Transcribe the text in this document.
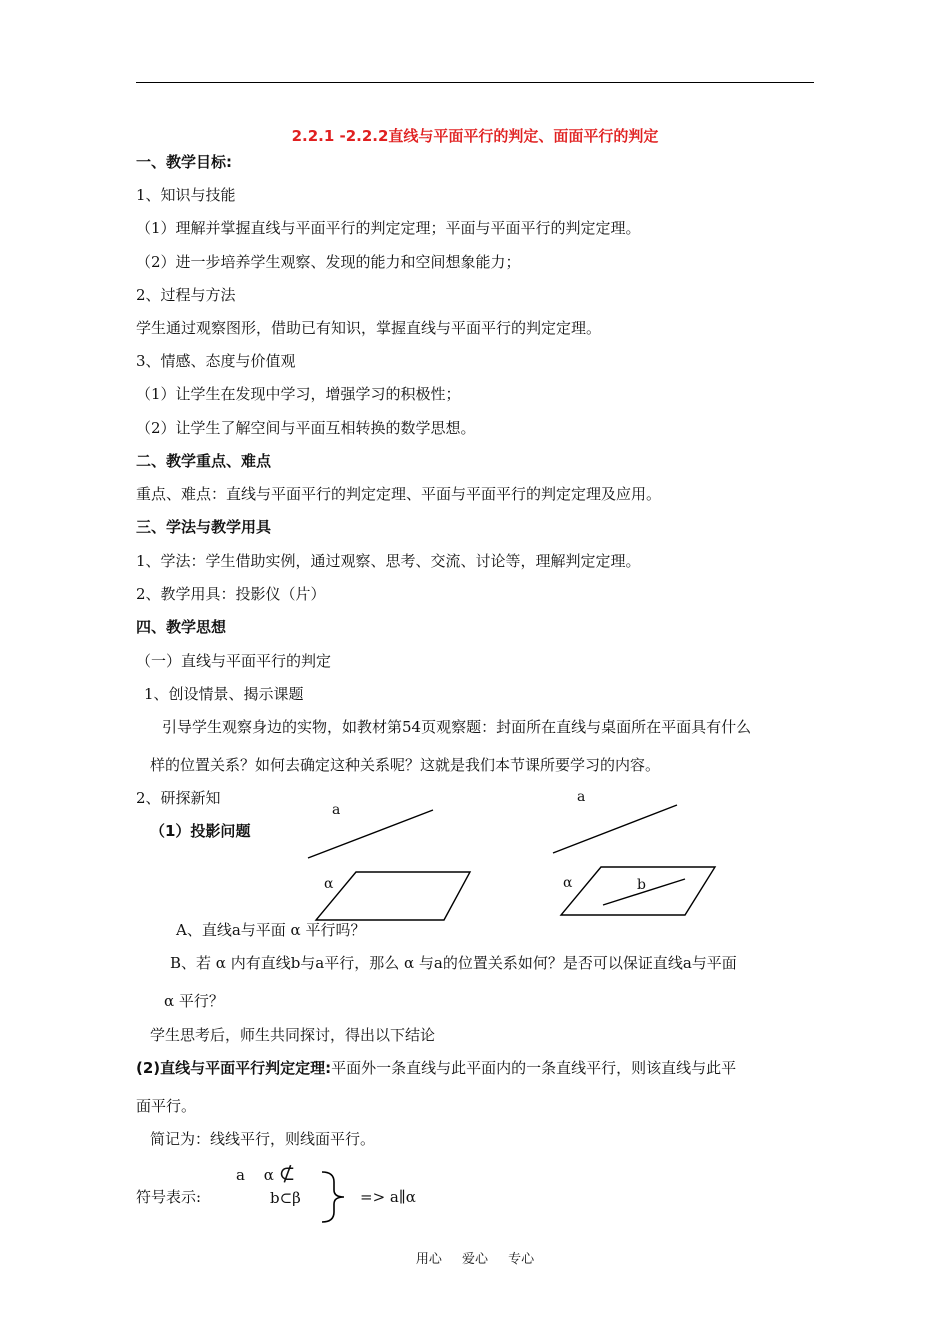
2.2.1 -2.2.2直线与平面平行的判定、面面平行的判定
一、教学目标:
1、知识与技能
（1）理解并掌握直线与平面平行的判定定理；平面与平面平行的判定定理。
（2）进一步培养学生观察、发现的能力和空间想象能力；
2、过程与方法
学生通过观察图形，借助已有知识，掌握直线与平面平行的判定定理。
3、情感、态度与价值观
（1）让学生在发现中学习，增强学习的积极性；
（2）让学生了解空间与平面互相转换的数学思想。
二、教学重点、难点
重点、难点：直线与平面平行的判定定理、平面与平面平行的判定定理及应用。
三、学法与教学用具
1、学法：学生借助实例，通过观察、思考、交流、讨论等，理解判定定理。
2、教学用具：投影仪（片）
四、教学思想
（一）直线与平面平行的判定
1、创设情景、揭示课题
引导学生观察身边的实物，如教材第54页观察题：封面所在直线与桌面所在平面具有什么
样的位置关系？如何去确定这种关系呢？这就是我们本节课所要学习的内容。
2、研探新知
（1）投影问题
a
α
a
α	b
A、直线a与平面 α 平行吗？
B、若 α 内有直线b与a平行，那么 α 与a的位置关系如何？是否可以保证直线a与平面
α 平行？
学生思考后，师生共同探讨，得出以下结论
(2)直线与平面平行判定定理:平面外一条直线与此平面内的一条直线平行，则该直线与此平
面平行。
简记为：线线平行，则线面平行。
符号表示:
a α ⊄
b⊂β	=> a∥α
用心 爱心 专心
